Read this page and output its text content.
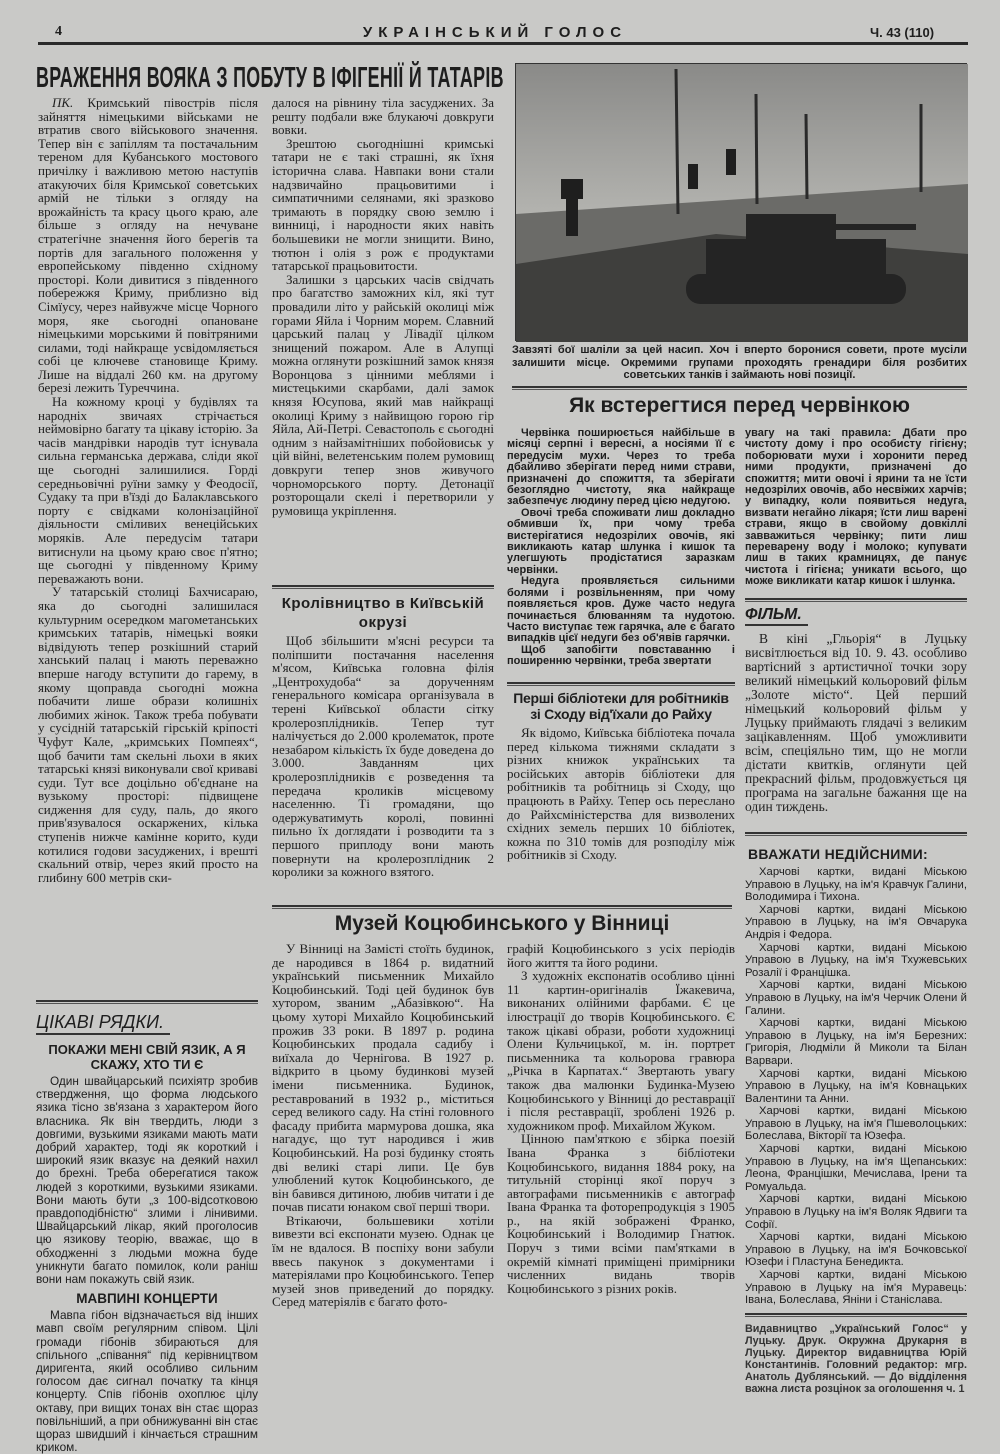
4	УКРАІНСЬКИЙ ГОЛОС	Ч. 43 (110)
ВРАЖЕННЯ ВОЯКА З ПОБУТУ В ІФІГЕНІЇ Й ТАТАРІВ

ПК. Кримський півострів після зайняття німецькими військами не втратив свого військового значення. Тепер він є запіллям та постачальним тереном для Кубанського мостового причілку і важливою метою наступів атакуючих біля Кримської советських армій не тільки з огляду на врожайність та красу цього краю, але більше з огляду на нечуване стратегічне значення його берегів та портів для загального положення у европейському південно східному просторі. Коли дивитися з південного побережжя Криму, приблизно від Сімїусу, через найвужче місце Чорного моря, яке сьогодні опановане німецькими морськими й повітряними силами, тоді найкраще усвідомляється собі це ключеве становище Криму. Лише на віддалі 260 км. на другому березі лежить Туреччина.

На кожному кроці у будівлях та народніх звичаях стрічається неймовірно багату та цікаву історію. За часів мандрівки народів тут існувала сильна германська держава, сліди якої ще сьогодні залишилися. Горді середньовічні руїни замку у Феодосії, Судаку та при в'їзді до Балаклавського порту є свідками колонізаційної діяльности сміливих венеційських моряків. Але передусім татари витиснули на цьому краю своє п'ятно; ще сьогодні у південному Криму переважають вони.

У татарській столиці Бахчисараю, яка до сьогодні залишилася культурним осередком магометанських кримських татарів, німецькі вояки відвідують тепер розкішний старий ханський палац і мають переважно вперше нагоду вступити до гарему, в якому щоправда сьогодні можна побачити лише образи колишніх любимих жінок. Також треба побувати у сусідній татарській гірській кріпості Чуфут Кале, „кримських Помпеях“, щоб бачити там скельні льохи в яких татарські князі виконували свої криваві суди. Тут все доцільно об'єднане на вузькому просторі: підвищене сидження для суду, паль, до якого прив'язувалося оскаржених, кілька ступенів нижче камінне корито, куди котилися годови засуджених, і врешті скальний отвір, через який просто на глибину 600 метрів ски-

далося на рівнину тіла засуджених. За решту подбали вже блукаючі довкруги вовки.

Зрештою сьогоднішні кримські татари не є такі страшні, як їхня історична слава. Навпаки вони стали надзвичайно працьовитими і симпатичними селянами, які зразково тримають в порядку свою землю і винниці, і народности яких навіть большевики не могли знищити. Вино, тютюн і олія з рож є продуктами татарської працьовитости.

Залишки з царських часів свідчать про багатство заможних кіл, які тут провадили літо у райській околиці між горами Яйла і Чорним морем. Славний царський палац у Лівадії цілком знищений пожаром. Але в Алупці можна оглянути розкішний замок князя Воронцова з цінними меблями і мистецькими скарбами, далі замок князя Юсупова, який мав найкращі околиці Криму з найвищою горою гір Яйла, Ай-Петрі. Севастополь є сьогодні одним з найзамітніших побойовиськ у цій війні, велетенським полем румовищ довкруги тепер знов живучого чорноморського порту. Детонації розторощали скелі і перетворили у румовища укріплення.

Кролівництво в Київській окрузі

Щоб збільшити м'ясні ресурси та поліпшити постачання населення м'ясом, Київська головна філія „Центрохудоба“ за дорученням генерального комісара організувала в терені Київської области сітку кролерозплідників. Тепер тут налічується до 2.000 кролематок, проте незабаром кількість їх буде доведена до 3.000. Завданням цих кролерозплідників є розведення та передача кроликів місцевому населенню. Ті громадяни, що одержуватимуть королі, повинні пильно їх доглядати і розводити та з першого приплоду вони мають повернути на кролерозплідник 2 королики за кожного взятого.

ЦІКАВІ РЯДКИ.
ПОКАЖИ МЕНІ СВІЙ ЯЗИК, А Я СКАЖУ, ХТО ТИ Є

Один швайцарський психіятр зробив ствердження, що форма людського язика тісно зв'язана з характером його власника. Як він твердить, люди з довгими, вузькими язиками мають мати добрий характер, тоді як короткий і широкий язик вказує на деякий нахил до брехні. Треба оберегатися також людей з короткими, вузькими язиками. Вони мають бути „з 100-відсотковою правдоподібністю“ злими і лінивими. Швайцарський лікар, який проголосив цю язикову теорію, вважає, що в обходженні з людьми можна буде уникнути багато помилок, коли раніш вони нам покажуть свій язик.

МАВПИНІ КОНЦЕРТИ

Мавпа гібон відзначається від інших мавп своїм регулярним співом. Цілі громади гібонів збираються для спільного „співання“ під керівництвом диригента, який особливо сильним голосом дає сигнал початку та кінця концерту. Спів гібонів охоплює цілу октаву, при вищих тонах він стає щораз повільніший, а при обнижуванні він стає щораз швидший і кінчається страшним криком.

Завзяті бої шаліли за цей насип. Хоч і вперто боронися совети, проте мусіли залишити місце. Окремими групами проходять гренадири біля розбитих советських танків і займають нові позиції.
Як встерегтися перед червінкою

Червінка поширюється найбільше в місяці серпні і вересні, а носіями її є передусім мухи. Через то треба дбайливо зберігати перед ними страви, призначені до спожиття, та зберігати безоглядно чистоту, яка найкраще забезпечує людину перед цією недугою.

Овочі треба споживати лиш докладно обмивши їх, при чому треба вистерігатися недозрілих овочів, які викликають катар шлунка і кишок та улегшують продістатися заразкам червінки.

Недуга проявляється сильними болями і розвільненням, при чому появляється кров. Дуже часто недуга починається блюванням та нудотою. Часто виступає теж гарячка, але є багато випадків цієї недуги без об'явів гарячки.

Щоб запобігти повставанню і поширенню червінки, треба звертати

увагу на такі правила: Дбати про чистоту дому і про особисту гігієну; поборювати мухи і хоронити перед ними продукти, призначені до спожиття; мити овочі і ярини та не їсти недозрілих овочів, або несвіжих харчів; у випадку, коли появиться недуга, визвати негайно лікаря; їсти лиш варені страви, якщо в свойому довкіллі завважиться червінку; пити лиш переварену воду і молоко; купувати лиш в таких крамницях, де панує чистота і гігієна; уникати всього, що може викликати катар кишок і шлунка.

Перші бібліотеки для робітників зі Сходу від'їхали до Райху

Як відомо, Київська бібліотека почала перед кількома тижнями складати з різних книжок українських та російських авторів бібліотеки для робітників та робітниць зі Сходу, що працюють в Райху. Тепер ось переслано до Райхсміністерства для визволених східних земель перших 10 бібліотек, кожна по 310 томів для розподілу між робітників зі Сходу.

ФІЛЬМ.

В кіні „Гльорія“ в Луцьку висвітлюється від 10. 9. 43. особливо вартісний з артистичної точки зору великий німецький кольоровий фільм „Золоте місто“. Цей перший німецький кольоровий фільм у Луцьку приймають глядачі з великим зацікавленням. Щоб уможливити всім, спеціяльно тим, що не могли дістати квитків, оглянути цей прекрасний фільм, продовжується ця програма на загальне бажання ще на один тиждень.

ВВАЖАТИ НЕДІЙСНИМИ:

Харчові картки, видані Міською Управою в Луцьку, на ім'я Кравчук Галини, Володимира і Тихона.

Харчові картки, видані Міською Управою в Луцьку, на ім'я Овчарука Андрія і Федора.

Харчові картки, видані Міською Управою в Луцьку, на ім'я Тхужевських Розалії і Францішка.

Харчові картки, видані Міською Управою в Луцьку, на ім'я Черчик Олени й Галини.

Харчові картки, видані Міською Управою в Луцьку, на ім'я Березних: Григорія, Людміли й Миколи та Білан Варвари.

Харчові картки, видані Міською Управою в Луцьку, на ім'я Ковнацьких Валентини та Анни.

Харчові картки, видані Міською Управою в Луцьку, на ім'я Пшеволоцьких: Болеслава, Вікторії та Юзефа.

Харчові картки, видані Міською Управою в Луцьку, на ім'я Щепанських: Леона, Францішки, Мечислава, Ірени та Ромуальда.

Харчові картки, видані Міською Управою в Луцьку на ім'я Воляк Ядвиги та Софії.

Харчові картки, видані Міською Управою в Луцьку, на ім'я Бочковської Юзефи і Пластуна Бенедикта.

Харчові картки, видані Міською Управою в Луцьку на ім'я Муравець: Івана, Болеслава, Яніни і Станіслава.

Видавництво „Український Голос“ у Луцьку. Друк. Окружна Друкарня в Луцьку. Директор видавництва Юрій Константинів. Головний редактор: мгр. Анатоль Дублянський. — До відділення важна листа розцінок за оголошення ч. 1
Музей Коцюбинського у Вінниці

У Вінниці на Замісті стоїть будинок, де народився в 1864 р. видатний український письменник Михайло Коцюбинський. Тоді цей будинок був хутором, званим „Абазівкою“. На цьому хуторі Михайло Коцюбинський прожив 33 роки. В 1897 р. родина Коцюбинських продала садибу і виїхала до Чернігова. В 1927 р. відкрито в цьому будинкові музей імени письменника. Будинок, реставрований в 1932 р., міститься серед великого саду. На стіні головного фасаду прибита мармурова дошка, яка нагадує, що тут народився і жив Коцюбинський. На розі будинку стоять дві великі старі липи. Це був улюблений куток Коцюбинського, де він бавився дитиною, любив читати і де почав писати юнаком свої перші твори.

Втікаючи, большевики хотіли вивезти всі експонати музею. Однак це їм не вдалося. В поспіху вони забули ввесь пакунок з документами і матеріялами про Коцюбинського. Тепер музей знов приведений до порядку. Серед матеріялів є багато фото-

графій Коцюбинського з усіх періодів його життя та його родини.

З художніх експонатів особливо цінні 11 картин-оригіналів Їжакевича, виконаних олійними фарбами. Є це ілюстрації до творів Коцюбинського. Є також цікаві образи, роботи художниці Олени Кульчицької, м. ін. портрет письменника та кольорова гравюра „Річка в Карпатах.“ Звертають увагу також два малюнки Будинка-Музею Коцюбинського у Вінниці до реставрації і після реставрації, зроблені 1926 р. художником проф. Михайлом Жуком.

Цінною пам'яткою є збірка поезій Івана Франка з бібліотеки Коцюбинського, видання 1884 року, на титульній сторінці якої поруч з автографами письменників є автограф Івана Франка та фоторепродукція з 1905 р., на якій зображені Франко, Коцюбинський і Володимир Гнатюк. Поруч з тими всіми пам'ятками в окремій кімнаті приміщені примірники численних видань творів Коцюбинського з різних років.
